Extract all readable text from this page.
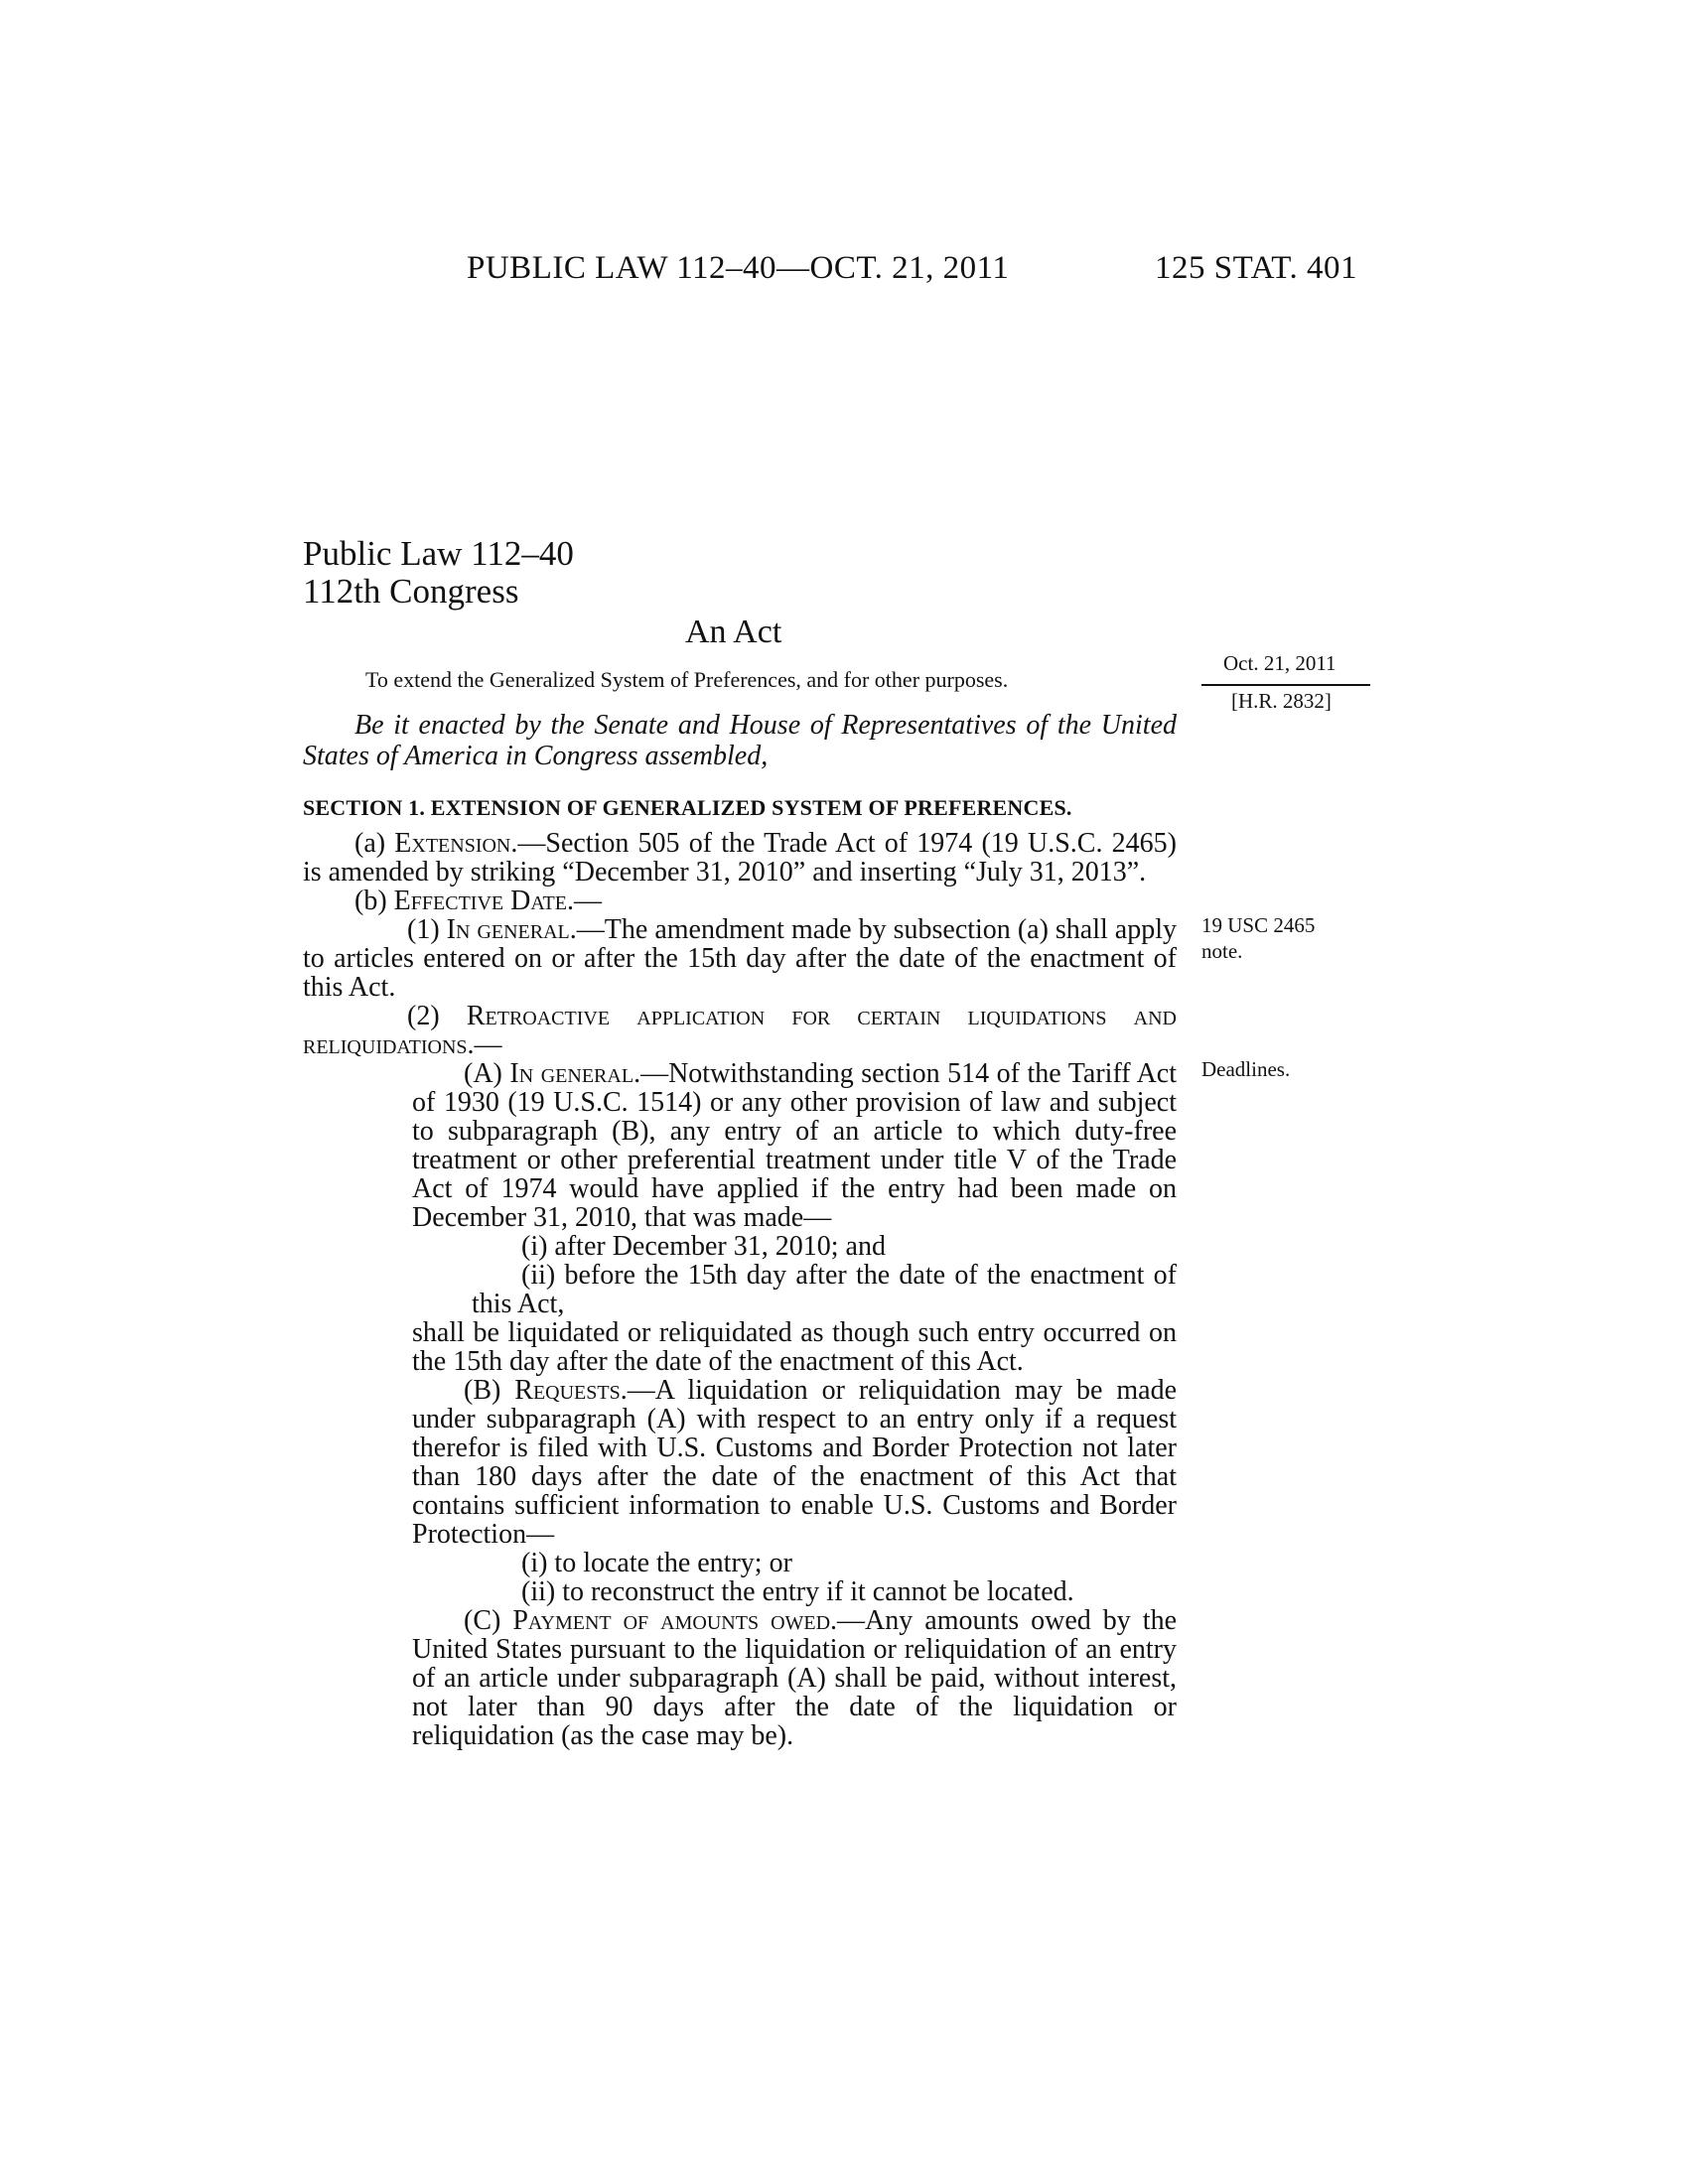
PUBLIC LAW 112–40—OCT. 21, 2011	125 STAT. 401
Public Law 112–40
112th Congress
An Act
To extend the Generalized System of Preferences, and for other purposes.
Oct. 21, 2011
[H.R. 2832]
19 USC 2465
note.
Deadlines.

Be it enacted by the Senate and House of Representatives of the United States of America in Congress assembled,

SECTION 1. EXTENSION OF GENERALIZED SYSTEM OF PREFERENCES.

(a) Extension.—Section 505 of the Trade Act of 1974 (19 U.S.C. 2465) is amended by striking “December 31, 2010” and inserting “July 31, 2013”.

(b) Effective Date.—

(1) In general.—The amendment made by subsection (a) shall apply to articles entered on or after the 15th day after the date of the enactment of this Act.

(2) Retroactive application for certain liquidations and reliquidations.—

(A) In general.—Notwithstanding section 514 of the Tariff Act of 1930 (19 U.S.C. 1514) or any other provision of law and subject to subparagraph (B), any entry of an article to which duty-free treatment or other preferential treatment under title V of the Trade Act of 1974 would have applied if the entry had been made on December 31, 2010, that was made—

(i) after December 31, 2010; and

(ii) before the 15th day after the date of the enactment of this Act,

shall be liquidated or reliquidated as though such entry occurred on the 15th day after the date of the enactment of this Act.

(B) Requests.—A liquidation or reliquidation may be made under subparagraph (A) with respect to an entry only if a request therefor is filed with U.S. Customs and Border Protection not later than 180 days after the date of the enactment of this Act that contains sufficient information to enable U.S. Customs and Border Protection—

(i) to locate the entry; or

(ii) to reconstruct the entry if it cannot be located.

(C) Payment of amounts owed.—Any amounts owed by the United States pursuant to the liquidation or reliquidation of an entry of an article under subparagraph (A) shall be paid, without interest, not later than 90 days after the date of the liquidation or reliquidation (as the case may be).
